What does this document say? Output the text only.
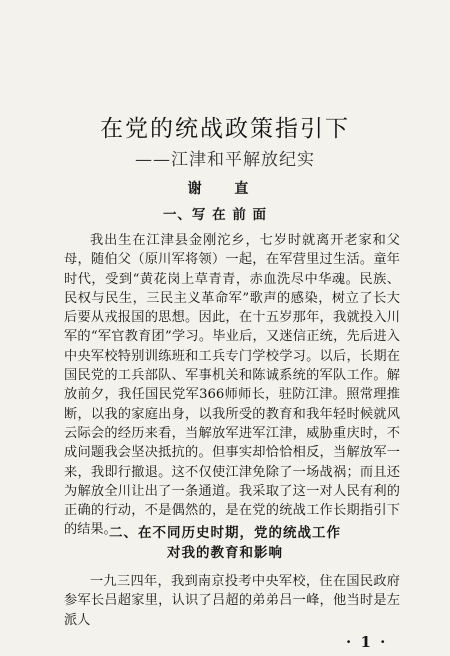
在党的统战政策指引下
——江津和平解放纪实
谢 直
一、写 在 前 面
我出生在江津县金刚沱乡，七岁时就离开老家和父母，随伯父（原川军将领）一起，在军营里过生活。童年时代，受到“黄花岗上草青青，赤血洗尽中华魂。民族、民权与民生，三民主义革命军”歌声的感染，树立了长大后要从戎报国的思想。因此，在十五岁那年，我就投入川军的“军官教育团”学习。毕业后，又迷信正统，先后进入中央军校特别训练班和工兵专门学校学习。以后，长期在国民党的工兵部队、军事机关和陈诚系统的军队工作。解放前夕，我任国民党军366师师长，驻防江津。照常理推断，以我的家庭出身，以我所受的教育和我年轻时候就风云际会的经历来看，当解放军进军江津，威胁重庆时，不成问题我会坚决抵抗的。但事实却恰恰相反，当解放军一来，我即行撤退。这不仅使江津免除了一场战祸；而且还为解放全川让出了一条通道。我采取了这一对人民有利的正确的行动，不是偶然的，是在党的统战工作长期指引下的结果。
二、在不同历史时期，党的统战工作
对我的教育和影响
一九三四年，我到南京投考中央军校，住在国民政府参军长吕超家里，认识了吕超的弟弟吕一峰，他当时是左派人
· 1 ·
